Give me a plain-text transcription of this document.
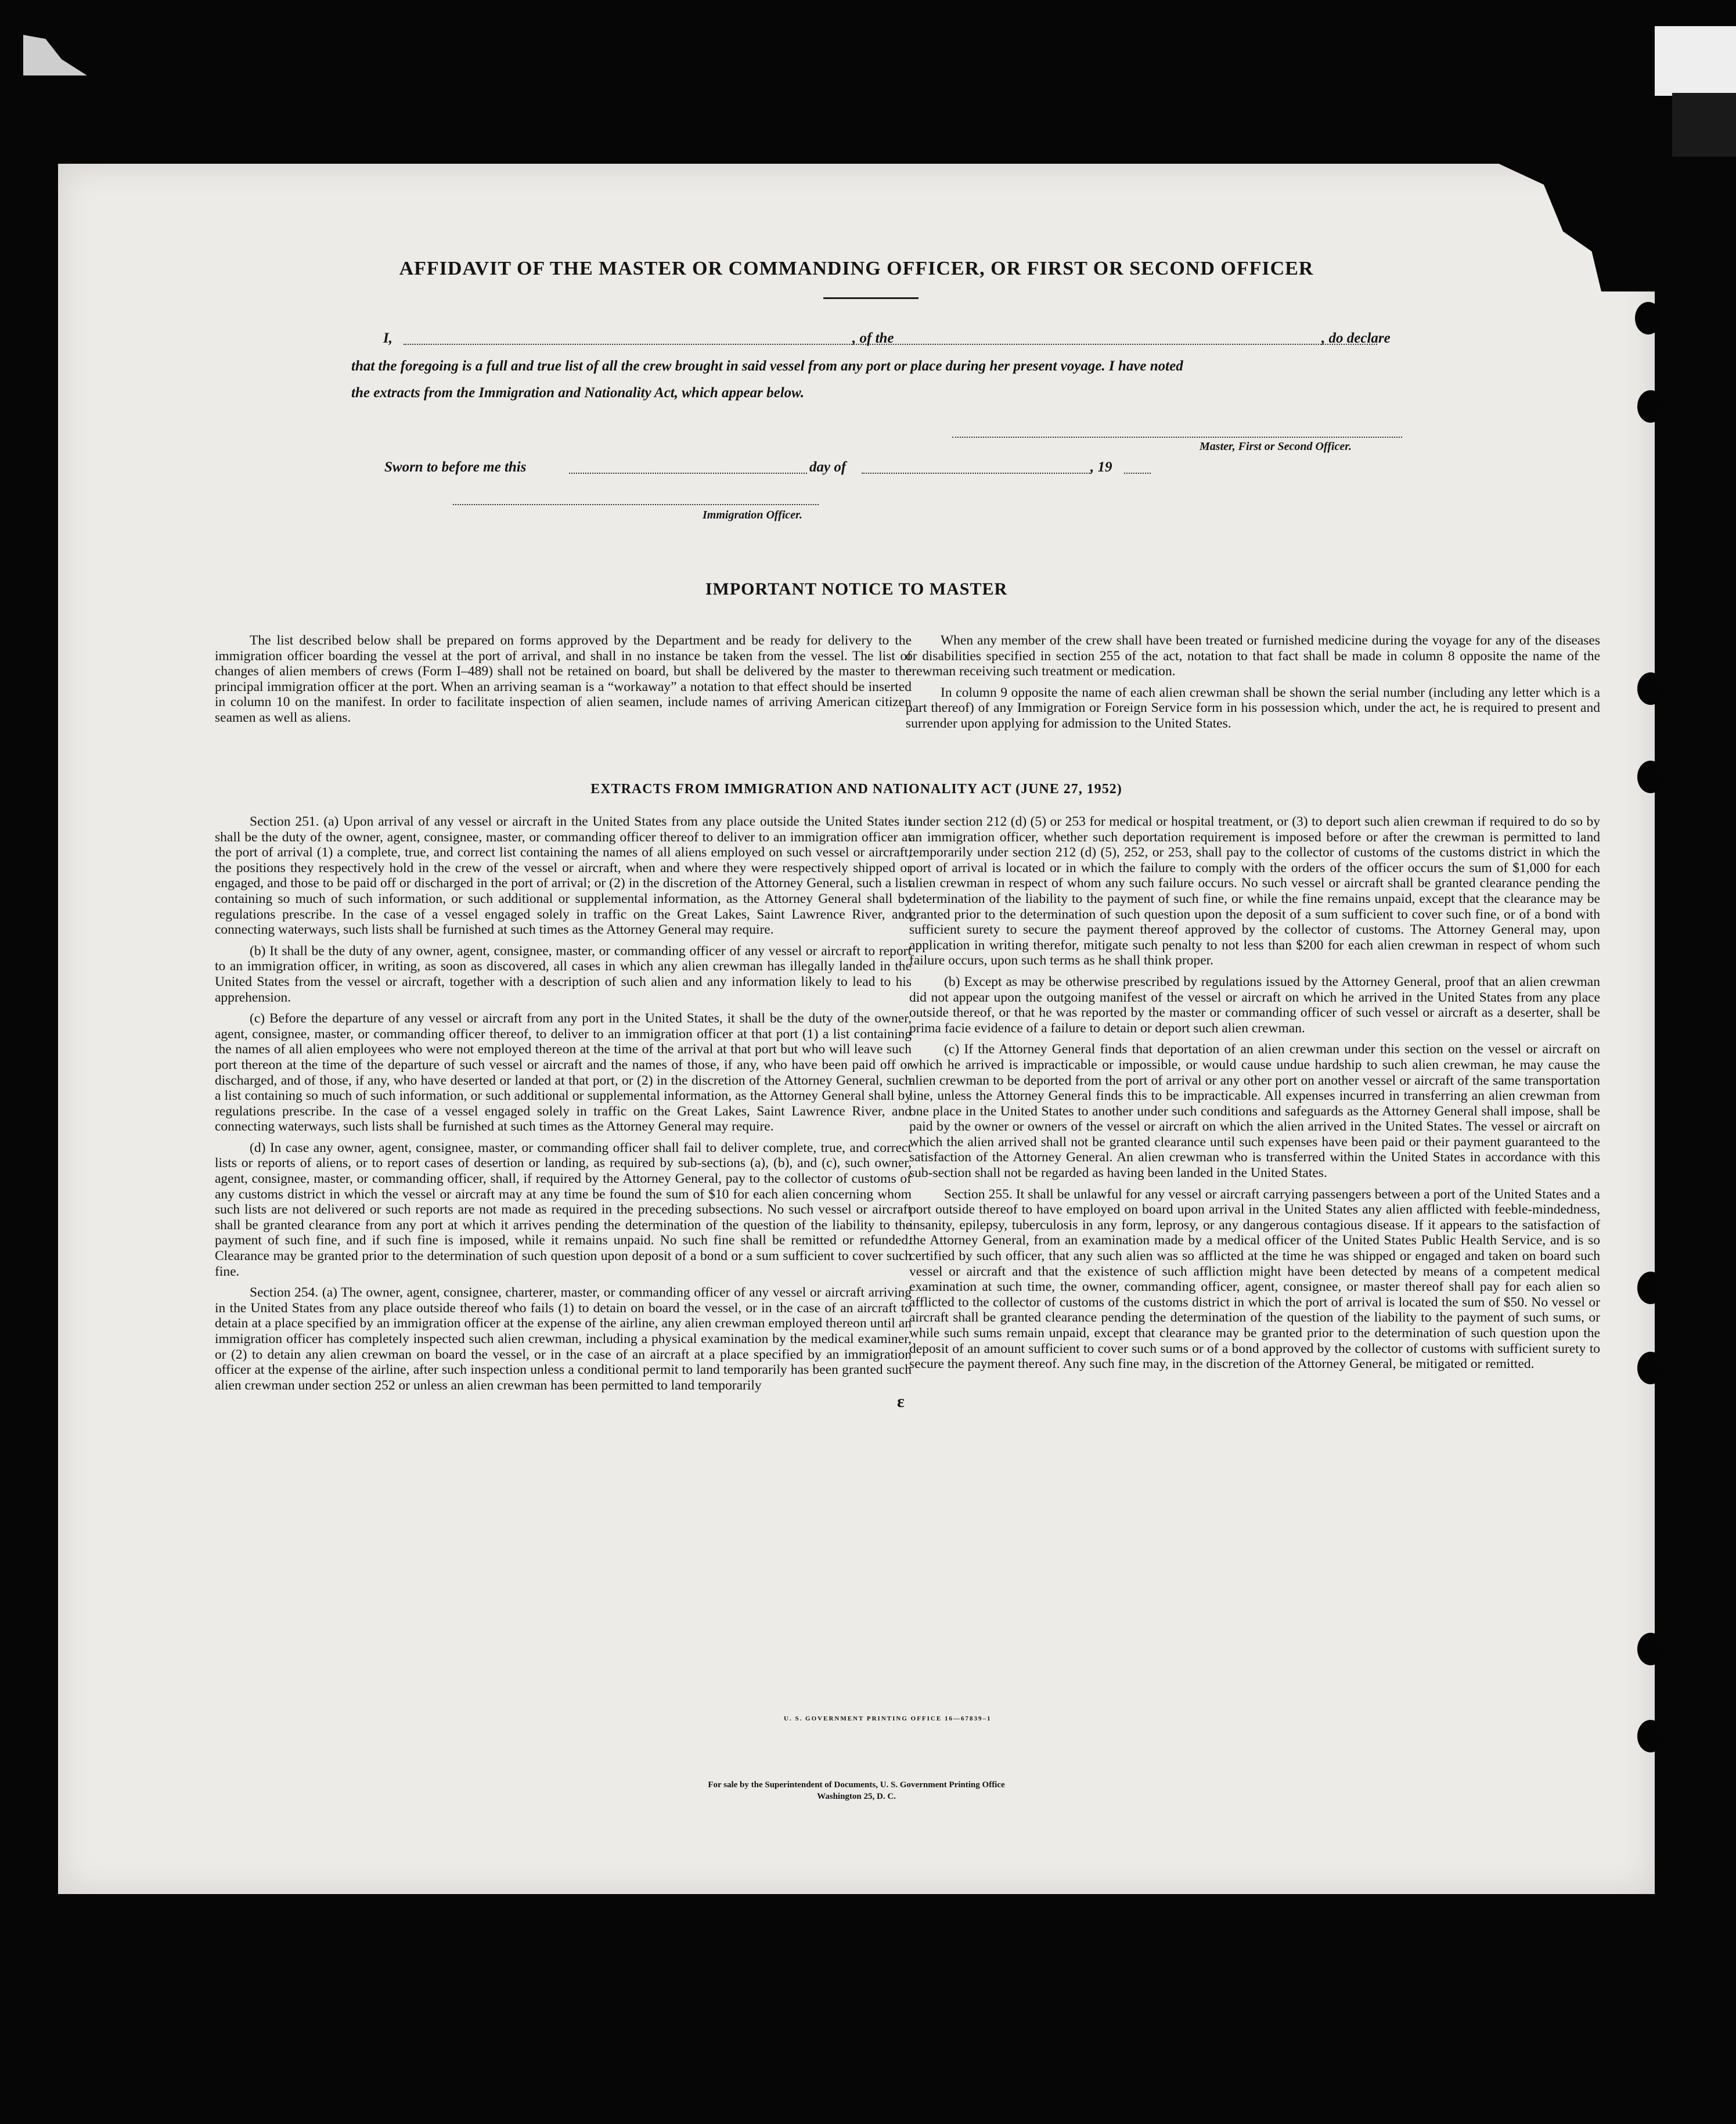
AFFIDAVIT OF THE MASTER OR COMMANDING OFFICER, OR FIRST OR SECOND OFFICER
I,	, of the	, do declare
that the foregoing is a full and true list of all the crew brought in said vessel from any port or place during her present voyage. I have noted
the extracts from the Immigration and Nationality Act, which appear below.
Master, First or Second Officer.
Sworn to before me this	day of	, 19
Immigration Officer.
IMPORTANT NOTICE TO MASTER

The list described below shall be prepared on forms approved by the Department and be ready for delivery to the immigration officer boarding the vessel at the port of arrival, and shall in no instance be taken from the vessel. The list of changes of alien members of crews (Form I–489) shall not be retained on board, but shall be delivered by the master to the principal immigration officer at the port. When an arriving seaman is a “workaway” a notation to that effect should be inserted in column 10 on the manifest. In order to facilitate inspection of alien seamen, include names of arriving American citizen seamen as well as aliens.

When any member of the crew shall have been treated or furnished medicine during the voyage for any of the diseases or disabilities specified in section 255 of the act, notation to that fact shall be made in column 8 opposite the name of the crewman receiving such treatment or medication.

In column 9 opposite the name of each alien crewman shall be shown the serial number (including any letter which is a part thereof) of any Immigration or Foreign Service form in his possession which, under the act, he is required to present and surrender upon applying for admission to the United States.

EXTRACTS FROM IMMIGRATION AND NATIONALITY ACT (JUNE 27, 1952)

Section 251. (a) Upon arrival of any vessel or aircraft in the United States from any place outside the United States it shall be the duty of the owner, agent, consignee, master, or commanding officer thereof to deliver to an immigration officer at the port of arrival (1) a complete, true, and correct list containing the names of all aliens employed on such vessel or aircraft, the positions they respectively hold in the crew of the vessel or aircraft, when and where they were respectively shipped or engaged, and those to be paid off or discharged in the port of arrival; or (2) in the discretion of the Attorney General, such a list containing so much of such information, or such additional or supplemental information, as the Attorney General shall by regulations prescribe. In the case of a vessel engaged solely in traffic on the Great Lakes, Saint Lawrence River, and connecting waterways, such lists shall be furnished at such times as the Attorney General may require.

(b) It shall be the duty of any owner, agent, consignee, master, or commanding officer of any vessel or aircraft to report to an immigration officer, in writing, as soon as discovered, all cases in which any alien crewman has illegally landed in the United States from the vessel or aircraft, together with a description of such alien and any information likely to lead to his apprehension.

(c) Before the departure of any vessel or aircraft from any port in the United States, it shall be the duty of the owner, agent, consignee, master, or commanding officer thereof, to deliver to an immigration officer at that port (1) a list containing the names of all alien employees who were not employed thereon at the time of the arrival at that port but who will leave such port thereon at the time of the departure of such vessel or aircraft and the names of those, if any, who have been paid off or discharged, and of those, if any, who have deserted or landed at that port, or (2) in the discretion of the Attorney General, such a list containing so much of such information, or such additional or supplemental information, as the Attorney General shall by regulations prescribe. In the case of a vessel engaged solely in traffic on the Great Lakes, Saint Lawrence River, and connecting waterways, such lists shall be furnished at such times as the Attorney General may require.

(d) In case any owner, agent, consignee, master, or commanding officer shall fail to deliver complete, true, and correct lists or reports of aliens, or to report cases of desertion or landing, as required by sub-sections (a), (b), and (c), such owner, agent, consignee, master, or commanding officer, shall, if required by the Attorney General, pay to the collector of customs of any customs district in which the vessel or aircraft may at any time be found the sum of $10 for each alien concerning whom such lists are not delivered or such reports are not made as required in the preceding subsections. No such vessel or aircraft shall be granted clearance from any port at which it arrives pending the determination of the question of the liability to the payment of such fine, and if such fine is imposed, while it remains unpaid. No such fine shall be remitted or refunded. Clearance may be granted prior to the determination of such question upon deposit of a bond or a sum sufficient to cover such fine.

Section 254. (a) The owner, agent, consignee, charterer, master, or commanding officer of any vessel or aircraft arriving in the United States from any place outside thereof who fails (1) to detain on board the vessel, or in the case of an aircraft to detain at a place specified by an immigration officer at the expense of the airline, any alien crewman employed thereon until an immigration officer has completely inspected such alien crewman, including a physical examination by the medical examiner, or (2) to detain any alien crewman on board the vessel, or in the case of an aircraft at a place specified by an immigration officer at the expense of the airline, after such inspection unless a conditional permit to land temporarily has been granted such alien crewman under section 252 or unless an alien crewman has been permitted to land temporarily

under section 212 (d) (5) or 253 for medical or hospital treatment, or (3) to deport such alien crewman if required to do so by an immigration officer, whether such deportation requirement is imposed before or after the crewman is permitted to land temporarily under section 212 (d) (5), 252, or 253, shall pay to the collector of customs of the customs district in which the port of arrival is located or in which the failure to comply with the orders of the officer occurs the sum of $1,000 for each alien crewman in respect of whom any such failure occurs. No such vessel or aircraft shall be granted clearance pending the determination of the liability to the payment of such fine, or while the fine remains unpaid, except that the clearance may be granted prior to the determination of such question upon the deposit of a sum sufficient to cover such fine, or of a bond with sufficient surety to secure the payment thereof approved by the collector of customs. The Attorney General may, upon application in writing therefor, mitigate such penalty to not less than $200 for each alien crewman in respect of whom such failure occurs, upon such terms as he shall think proper.

(b) Except as may be otherwise prescribed by regulations issued by the Attorney General, proof that an alien crewman did not appear upon the outgoing manifest of the vessel or aircraft on which he arrived in the United States from any place outside thereof, or that he was reported by the master or commanding officer of such vessel or aircraft as a deserter, shall be prima facie evidence of a failure to detain or deport such alien crewman.

(c) If the Attorney General finds that deportation of an alien crewman under this section on the vessel or aircraft on which he arrived is impracticable or impossible, or would cause undue hardship to such alien crewman, he may cause the alien crewman to be deported from the port of arrival or any other port on another vessel or aircraft of the same transportation line, unless the Attorney General finds this to be impracticable. All expenses incurred in transferring an alien crewman from one place in the United States to another under such conditions and safeguards as the Attorney General shall impose, shall be paid by the owner or owners of the vessel or aircraft on which the alien arrived in the United States. The vessel or aircraft on which the alien arrived shall not be granted clearance until such expenses have been paid or their payment guaranteed to the satisfaction of the Attorney General. An alien crewman who is transferred within the United States in accordance with this sub-section shall not be regarded as having been landed in the United States.

Section 255. It shall be unlawful for any vessel or aircraft carrying passengers between a port of the United States and a port outside thereof to have employed on board upon arrival in the United States any alien afflicted with feeble-mindedness, insanity, epilepsy, tuberculosis in any form, leprosy, or any dangerous contagious disease. If it appears to the satisfaction of the Attorney General, from an examination made by a medical officer of the United States Public Health Service, and is so certified by such officer, that any such alien was so afflicted at the time he was shipped or engaged and taken on board such vessel or aircraft and that the existence of such affliction might have been detected by means of a competent medical examination at such time, the owner, commanding officer, agent, consignee, or master thereof shall pay for each alien so afflicted to the collector of customs of the customs district in which the port of arrival is located the sum of $50. No vessel or aircraft shall be granted clearance pending the determination of the question of the liability to the payment of such sums, or while such sums remain unpaid, except that clearance may be granted prior to the determination of such question upon the deposit of an amount sufficient to cover such sums or of a bond approved by the collector of customs with sufficient surety to secure the payment thereof. Any such fine may, in the discretion of the Attorney General, be mitigated or remitted.

ε
U. S. GOVERNMENT PRINTING OFFICE 16—67839–1
For sale by the Superintendent of Documents, U. S. Government Printing Office
Washington 25, D. C.
